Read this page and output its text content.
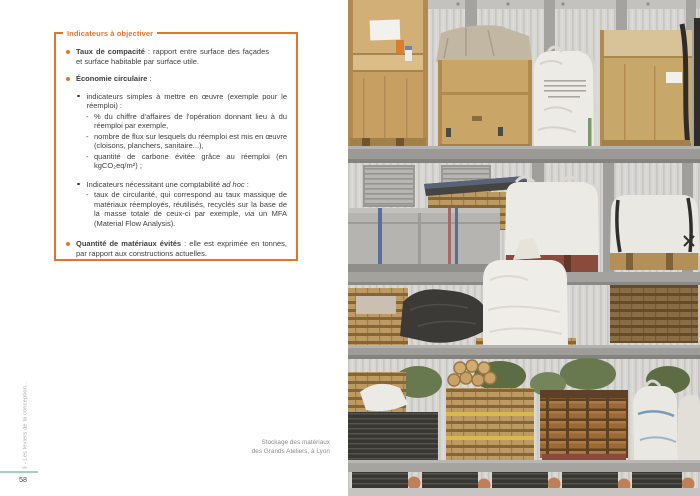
Indicateurs à objectiver

Taux de compacité : rapport entre surface des façades et surface habitable par surface utile.

Économie circulaire :

indicateurs simples à mettre en œuvre (exemple pour le réemploi) :

- % du chiffre d'affaires de l'opération donnant lieu à du réemploi par exemple,

- nombre de flux sur lesquels du réemploi est mis en œuvre (cloisons, planchers, sanitaire...),

- quantité de carbone évitée grâce au réemploi (en kgCO₂eq/m²) ;

Indicateurs nécessitant une comptabilité ad hoc :

- taux de circularité, qui correspond au taux massique de matériaux réemployés, réutilisés, recyclés sur la base de la masse totale de ceux-ci par exemple, via un MFA (Material Flow Analysis).

Quantité de matériaux évités : elle est exprimée en tonnes, par rapport aux constructions actuelles.

Stockage des matériaux
des Grands Ateliers, à Lyon
3 - Les leviers de la conception...
58
